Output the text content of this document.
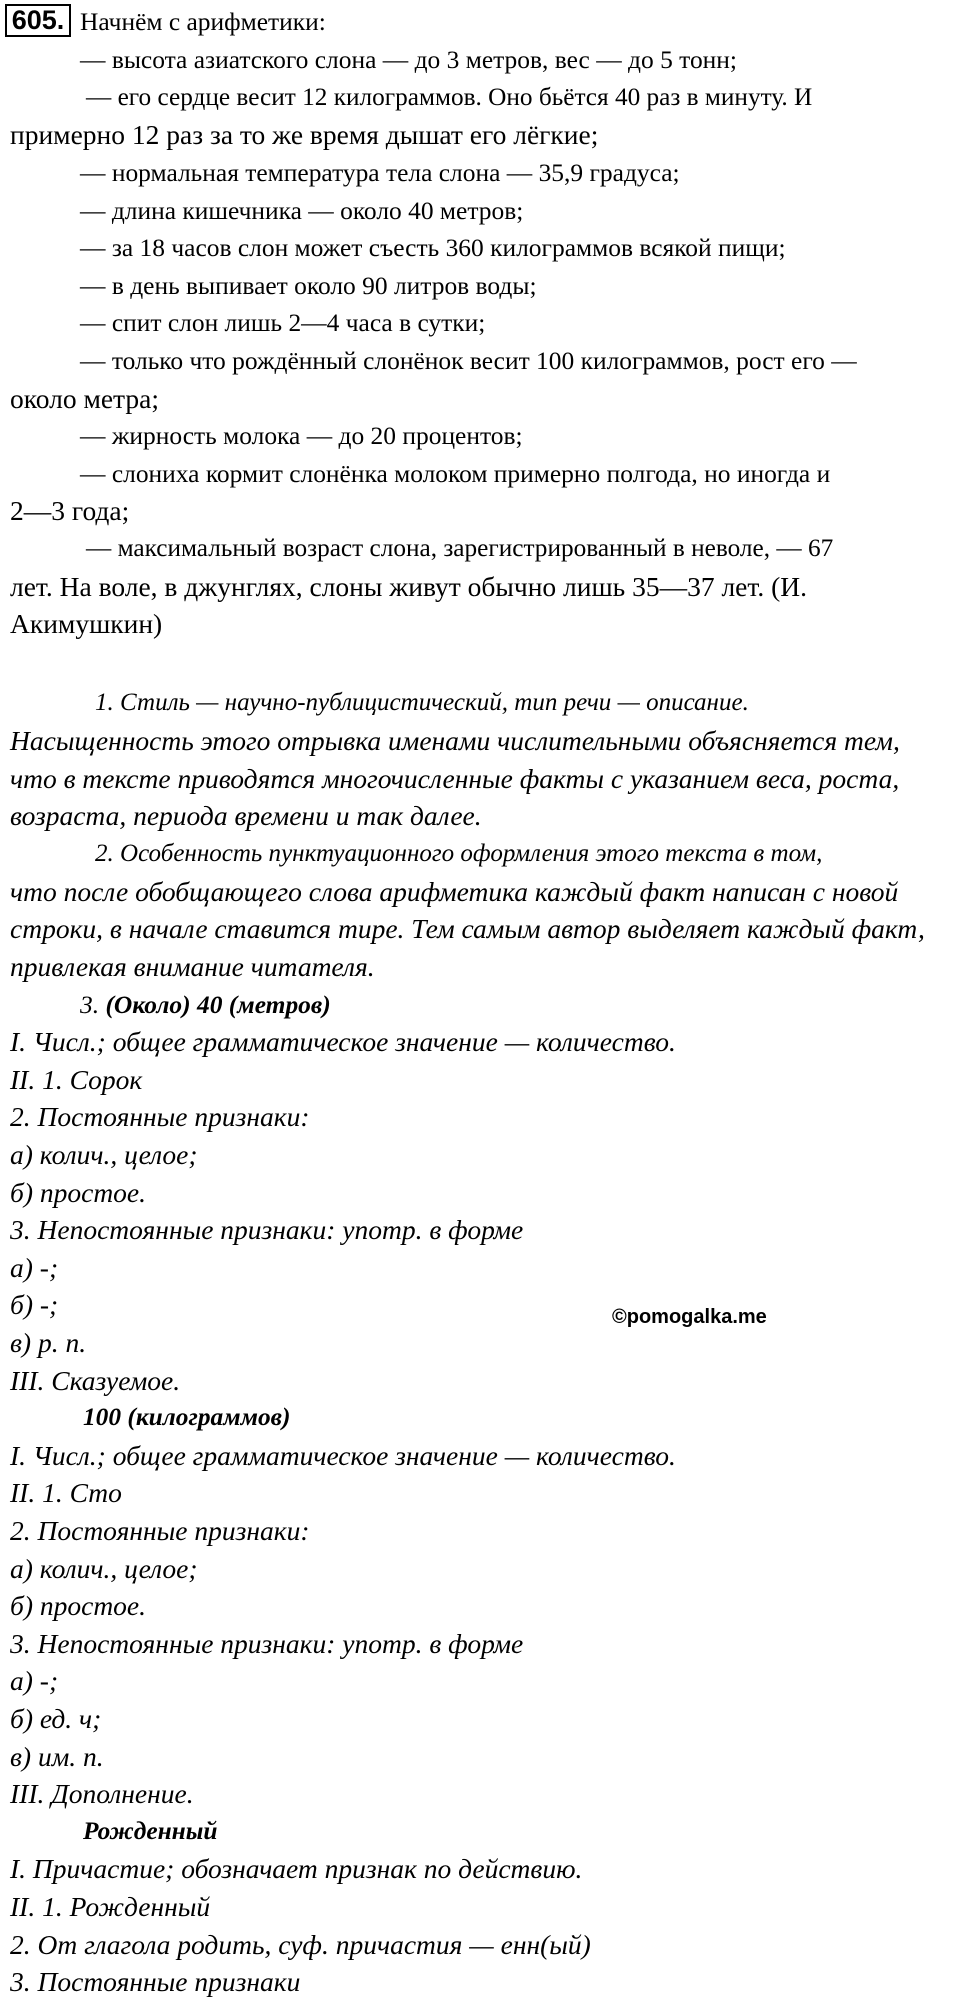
605. Начнём с арифметики:
— высота азиатского слона — до 3 метров, вес — до 5 тонн;
— его сердце весит 12 килограммов. Оно бьётся 40 раз в минуту. И
примерно 12 раз за то же время дышат его лёгкие;
— нормальная температура тела слона — 35,9 градуса;
— длина кишечника — около 40 метров;
— за 18 часов слон может съесть 360 килограммов всякой пищи;
— в день выпивает около 90 литров воды;
— спит слон лишь 2—4 часа в сутки;
— только что рождённый слонёнок весит 100 килограммов, рост его —
около метра;
— жирность молока — до 20 процентов;
— слониха кормит слонёнка молоком примерно полгода, но иногда и
2—3 года;
— максимальный возраст слона, зарегистрированный в неволе, — 67
лет. На воле, в джунглях, слоны живут обычно лишь 35—37 лет. (И.
Акимушкин)
1. Стиль — научно-публицистический, тип речи — описание.
Насыщенность этого отрывка именами числительными объясняется тем,
что в тексте приводятся многочисленные факты с указанием веса, роста,
возраста, периода времени и так далее.
2. Особенность пунктуационного оформления этого текста в том,
что после обобщающего слова арифметика каждый факт написан с новой
строки, в начале ставится тире. Тем самым автор выделяет каждый факт,
привлекая внимание читателя.
3. (Около) 40 (метров)
I. Числ.; общее грамматическое значение — количество.
II. 1. Сорок
2. Постоянные признаки:
а) колич., целое;
б) простое.
3. Непостоянные признаки: употр. в форме
а) -;
б) -;
в) р. п.
III. Сказуемое.
100 (килограммов)
I. Числ.; общее грамматическое значение — количество.
II. 1. Сто
2. Постоянные признаки:
а) колич., целое;
б) простое.
3. Непостоянные признаки: употр. в форме
а) -;
б) ед. ч;
в) им. п.
III. Дополнение.
Рожденный
I. Причастие; обозначает признак по действию.
II. 1. Рожденный
2. От глагола родить, суф. причастия — енн(ый)
3. Постоянные признаки
©pomogalka.me
